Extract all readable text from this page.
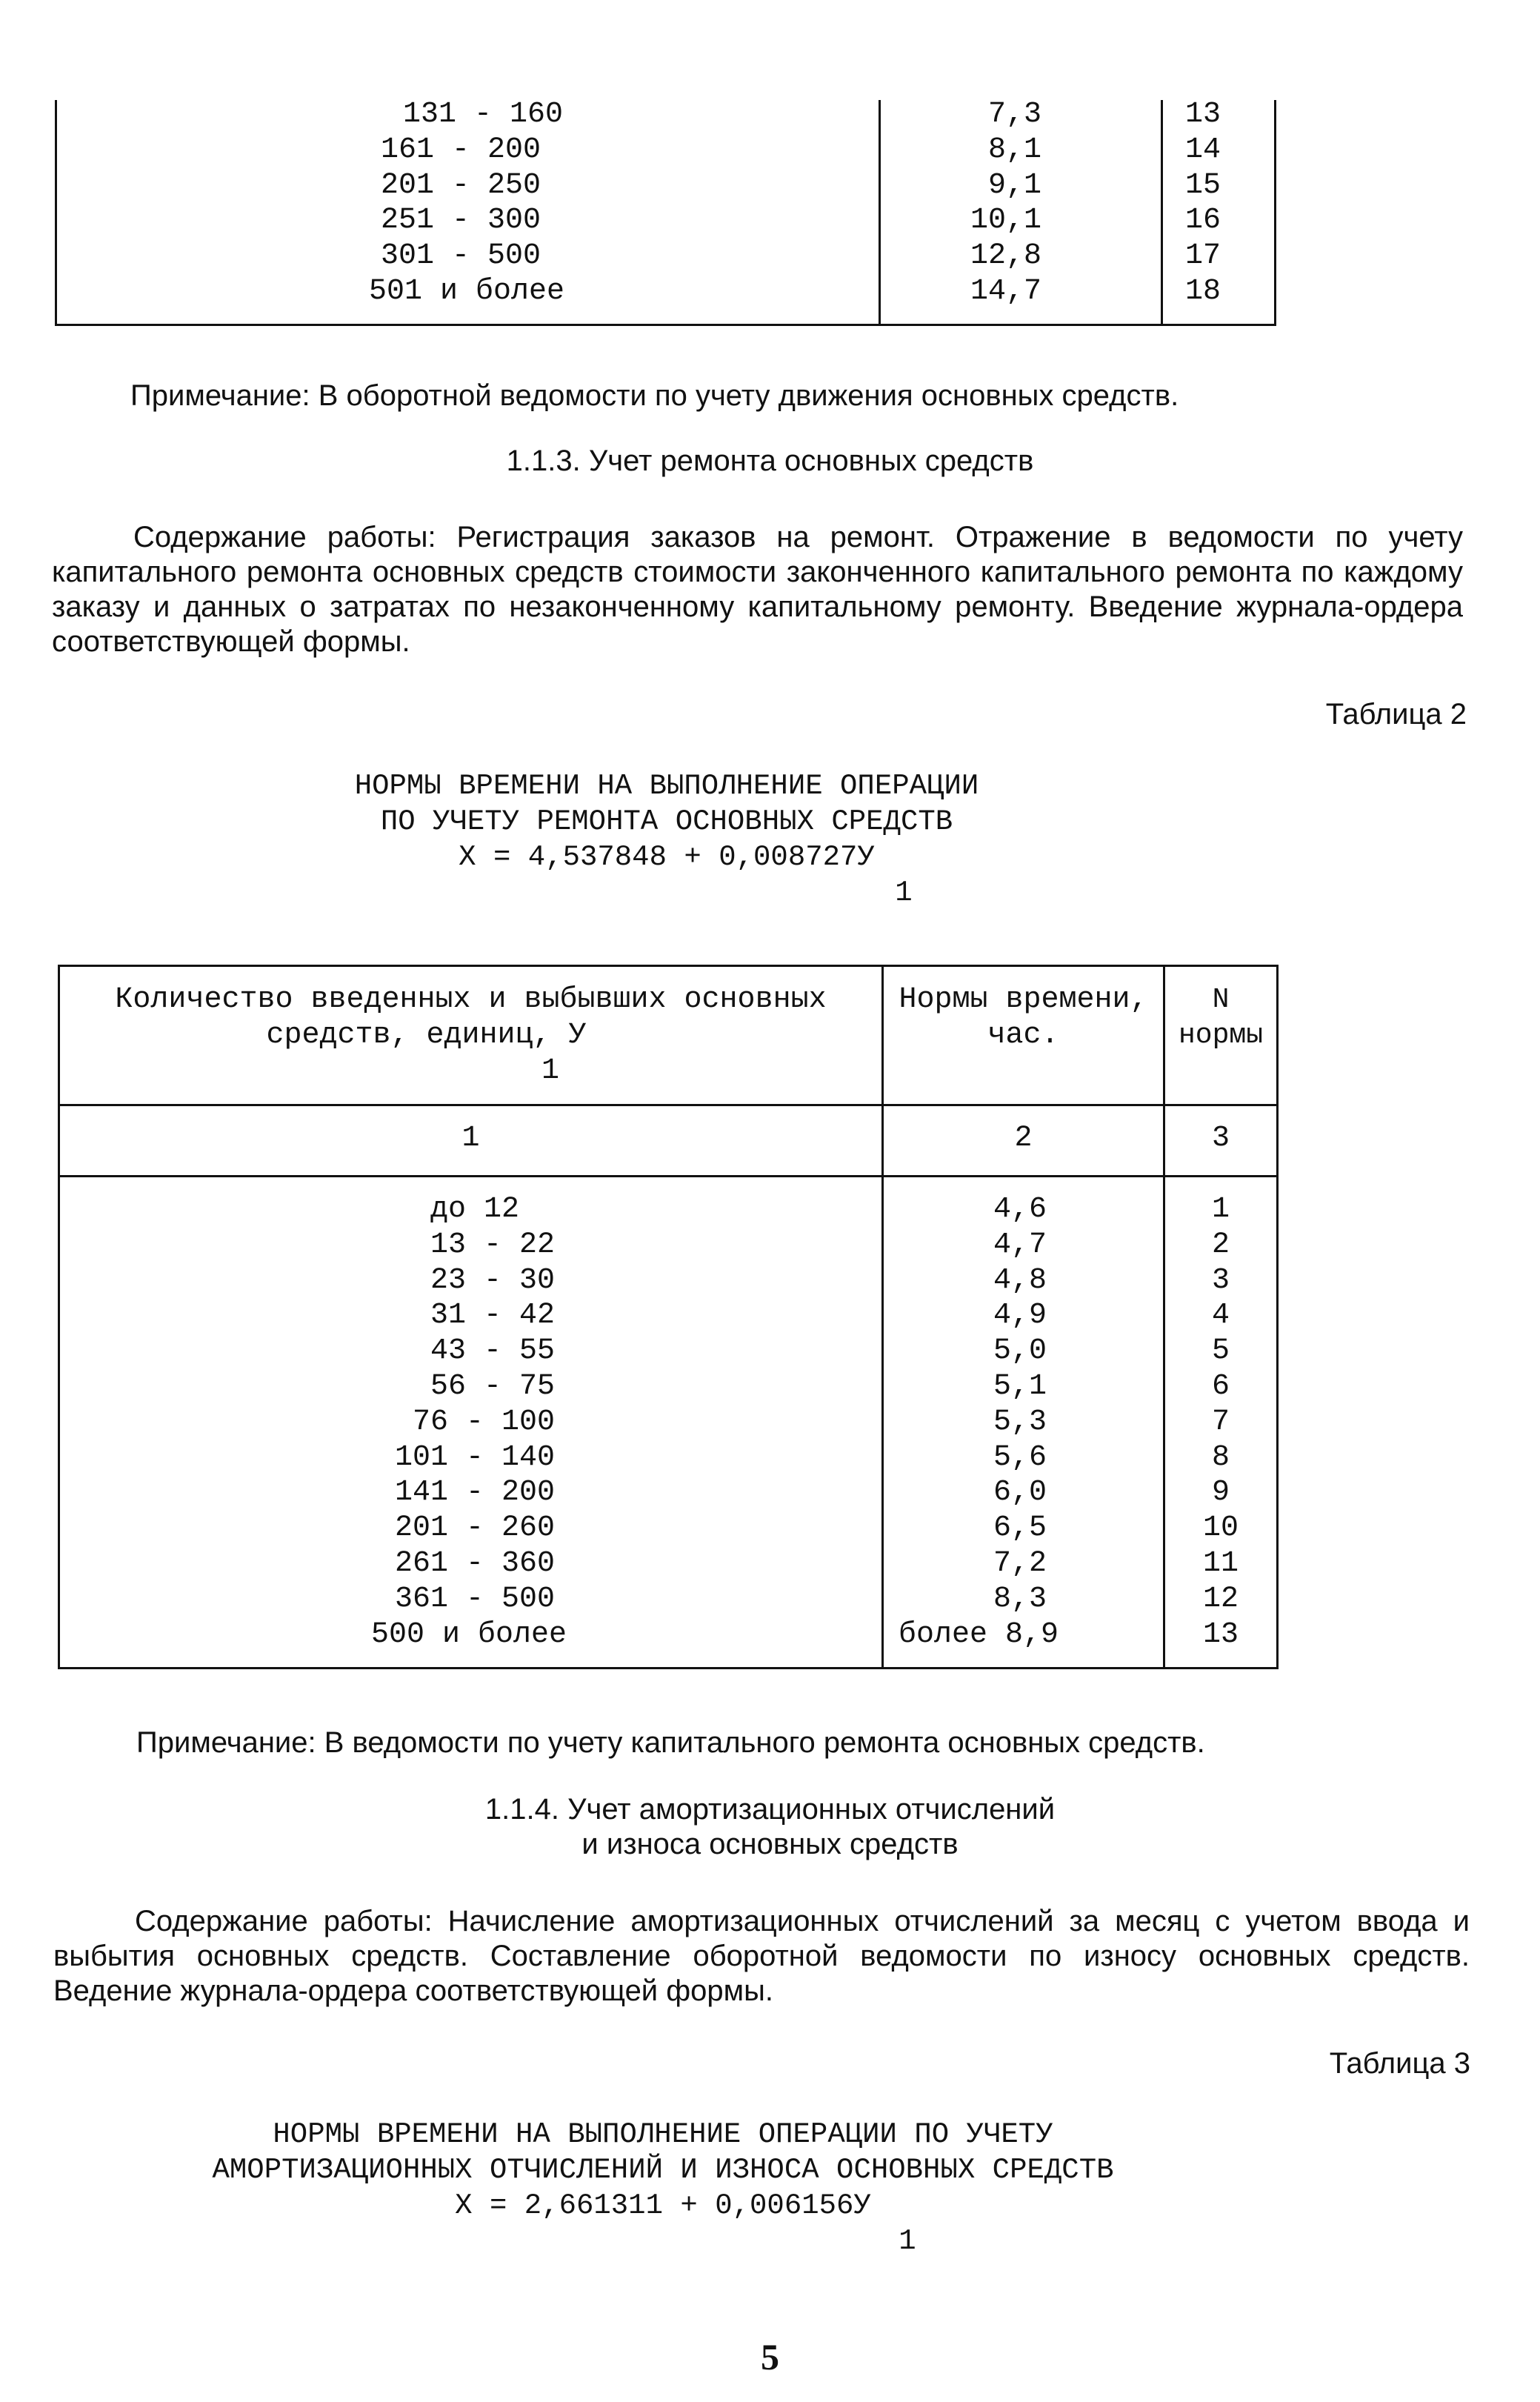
131 - 160
161 - 200
201 - 250
251 - 300
301 - 500
501 и более
7,3
8,1
9,1
10,1
12,8
14,7
13
14
15
16
17
18
Примечание: В оборотной ведомости по учету движения основных средств.
1.1.3. Учет ремонта основных средств
Содержание работы: Регистрация заказов на ремонт. Отражение в ведомости по учету капитального ремонта основных средств стоимости законченного капитального ремонта по каждому заказу и данных о затратах по незаконченному капитальному ремонту. Введение журнала-ордера соответствующей формы.
Таблица 2
НОРМЫ ВРЕМЕНИ НА ВЫПОЛНЕНИЕ ОПЕРАЦИИ
ПО УЧЕТУ РЕМОНТА ОСНОВНЫХ СРЕДСТВ
Х = 4,537848 + 0,008727У
1
Количество введенных и выбывших основных
средств, единиц, У
1
Нормы времени,
час.
N
нормы
1	2	3
до 12
13 - 22
23 - 30
31 - 42
43 - 55
56 - 75
76 - 100
101 - 140
141 - 200
201 - 260
261 - 360
361 - 500
500 и более
4,6
4,7
4,8
4,9
5,0
5,1
5,3
5,6
6,0
6,5
7,2
8,3
более 8,9
1
2
3
4
5
6
7
8
9
10
11
12
13
Примечание: В ведомости по учету капитального ремонта основных средств.
1.1.4. Учет амортизационных отчислений
и износа основных средств
Содержание работы: Начисление амортизационных отчислений за месяц с учетом ввода и выбытия основных средств. Составление оборотной ведомости по износу основных средств. Ведение журнала-ордера соответствующей формы.
Таблица 3
НОРМЫ ВРЕМЕНИ НА ВЫПОЛНЕНИЕ ОПЕРАЦИИ ПО УЧЕТУ
АМОРТИЗАЦИОННЫХ ОТЧИСЛЕНИЙ И ИЗНОСА ОСНОВНЫХ СРЕДСТВ
Х = 2,661311 + 0,006156У
1
5
